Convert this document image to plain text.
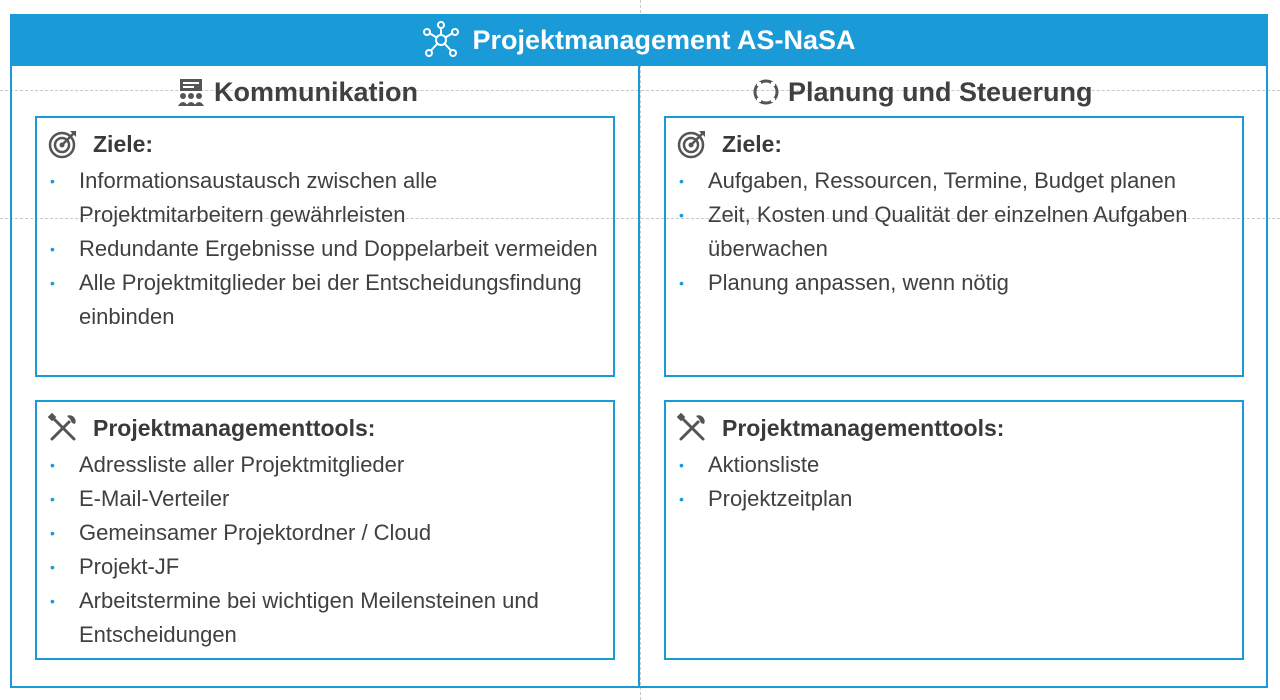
Projektmanagement AS-NaSA
Kommunikation	Planung und Steuerung
Ziele:
• Informationsaustausch zwischen alle Projektmitarbeitern gewährleisten
• Redundante Ergebnisse und Doppelarbeit vermeiden
• Alle Projektmitglieder bei der Entscheidungsfindung einbinden
Projektmanagementtools:
• Adressliste aller Projektmitglieder
• E-Mail-Verteiler
• Gemeinsamer Projektordner / Cloud
• Projekt-JF
• Arbeitstermine bei wichtigen Meilensteinen und Entscheidungen
Ziele:
• Aufgaben, Ressourcen, Termine, Budget planen
• Zeit, Kosten und Qualität der einzelnen Aufgaben überwachen
• Planung anpassen, wenn nötig
Projektmanagementtools:
• Aktionsliste
• Projektzeitplan
